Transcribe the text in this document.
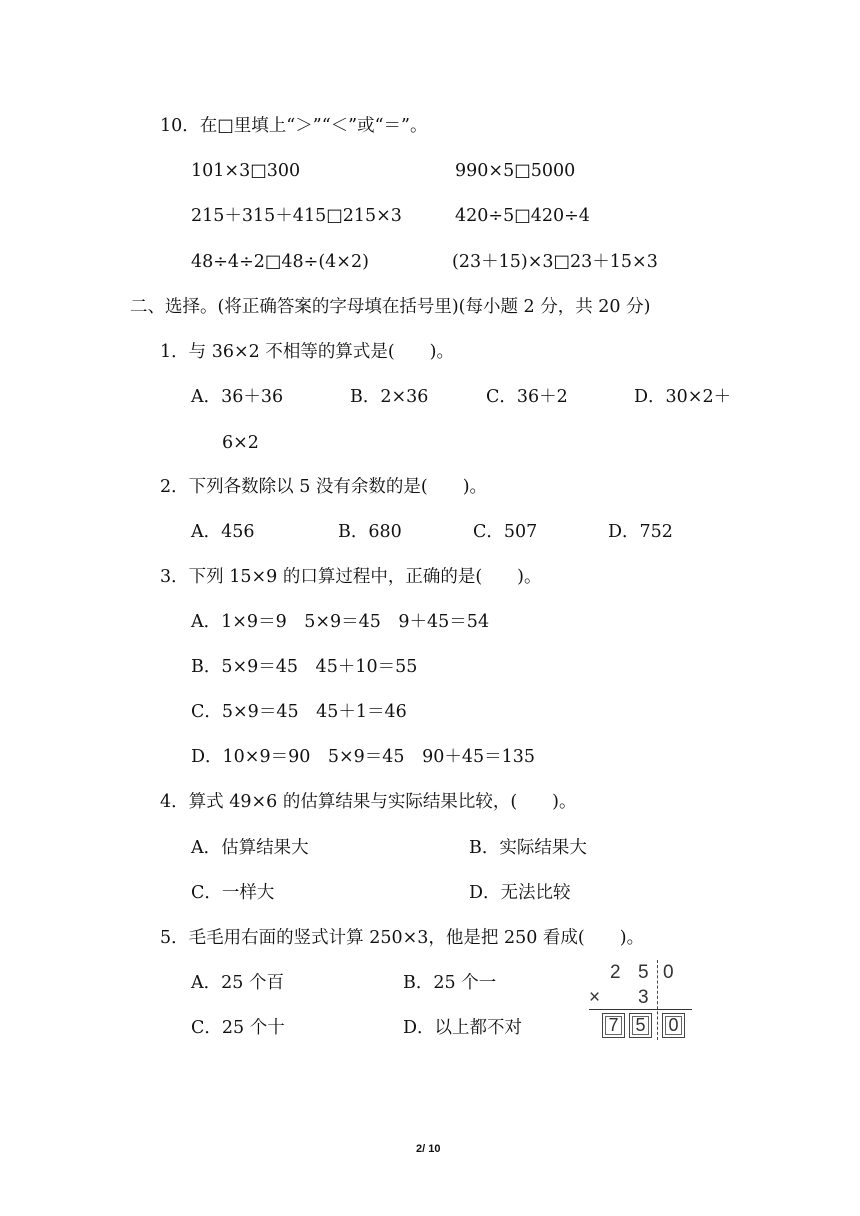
10．在□里填上“＞”“＜”或“＝”。
101×3□300	990×5□5000
215＋315＋415□215×3	420÷5□420÷4
48÷4÷2□48÷(4×2)	(23＋15)×3□23＋15×3
二、选择。(将正确答案的字母填在括号里)(每小题 2 分，共 20 分)
1．与 36×2 不相等的算式是(　　)。
A．36＋36	B．2×36	C．36＋2	D．30×2＋
6×2
2．下列各数除以 5 没有余数的是(　　)。
A．456	B．680	C．507	D．752
3．下列 15×9 的口算过程中，正确的是(　　)。
A．1×9＝9　5×9＝45　9＋45＝54
B．5×9＝45　45＋10＝55
C．5×9＝45　45＋1＝46
D．10×9＝90　5×9＝45　90＋45＝135
4．算式 49×6 的估算结果与实际结果比较，(　　)。
A．估算结果大	B．实际结果大
C．一样大	D．无法比较
5．毛毛用右面的竖式计算 250×3，他是把 250 看成(　　)。
A．25 个百	B．25 个一
C．25 个十	D．以上都不对
2 5 0
× 3
7 5 0
2/ 10
